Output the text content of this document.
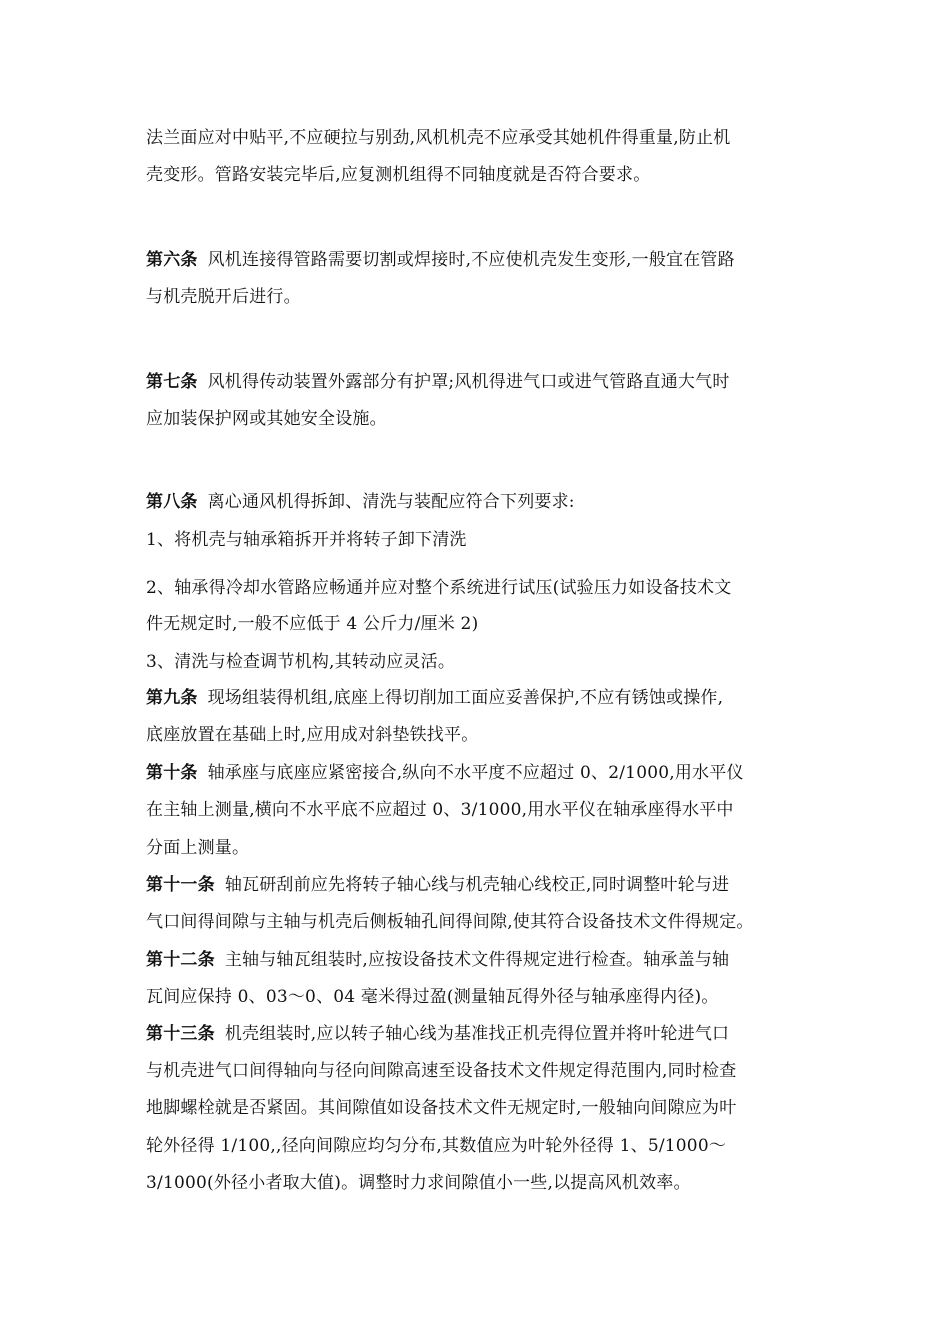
法兰面应对中贴平,不应硬拉与别劲,风机机壳不应承受其她机件得重量,防止机
壳变形。管路安装完毕后,应复测机组得不同轴度就是否符合要求。
第六条 风机连接得管路需要切割或焊接时,不应使机壳发生变形,一般宜在管路
与机壳脱开后进行。
第七条 风机得传动装置外露部分有护罩;风机得进气口或进气管路直通大气时
应加装保护网或其她安全设施。
第八条 离心通风机得拆卸、清洗与装配应符合下列要求:
1、将机壳与轴承箱拆开并将转子卸下清洗
2、轴承得冷却水管路应畅通并应对整个系统进行试压(试验压力如设备技术文
件无规定时,一般不应低于 4 公斤力/厘米 2)
3、清洗与检查调节机构,其转动应灵活。
第九条 现场组装得机组,底座上得切削加工面应妥善保护,不应有锈蚀或操作,
底座放置在基础上时,应用成对斜垫铁找平。
第十条 轴承座与底座应紧密接合,纵向不水平度不应超过 0、2/1000,用水平仪
在主轴上测量,横向不水平底不应超过 0、3/1000,用水平仪在轴承座得水平中
分面上测量。
第十一条 轴瓦研刮前应先将转子轴心线与机壳轴心线校正,同时调整叶轮与进
气口间得间隙与主轴与机壳后侧板轴孔间得间隙,使其符合设备技术文件得规定。
第十二条 主轴与轴瓦组装时,应按设备技术文件得规定进行检查。轴承盖与轴
瓦间应保持 0、03～0、04 毫米得过盈(测量轴瓦得外径与轴承座得内径)。
第十三条 机壳组装时,应以转子轴心线为基准找正机壳得位置并将叶轮进气口
与机壳进气口间得轴向与径向间隙高速至设备技术文件规定得范围内,同时检查
地脚螺栓就是否紧固。其间隙值如设备技术文件无规定时,一般轴向间隙应为叶
轮外径得 1/100,,径向间隙应均匀分布,其数值应为叶轮外径得 1、5/1000～
3/1000(外径小者取大值)。调整时力求间隙值小一些,以提高风机效率。
